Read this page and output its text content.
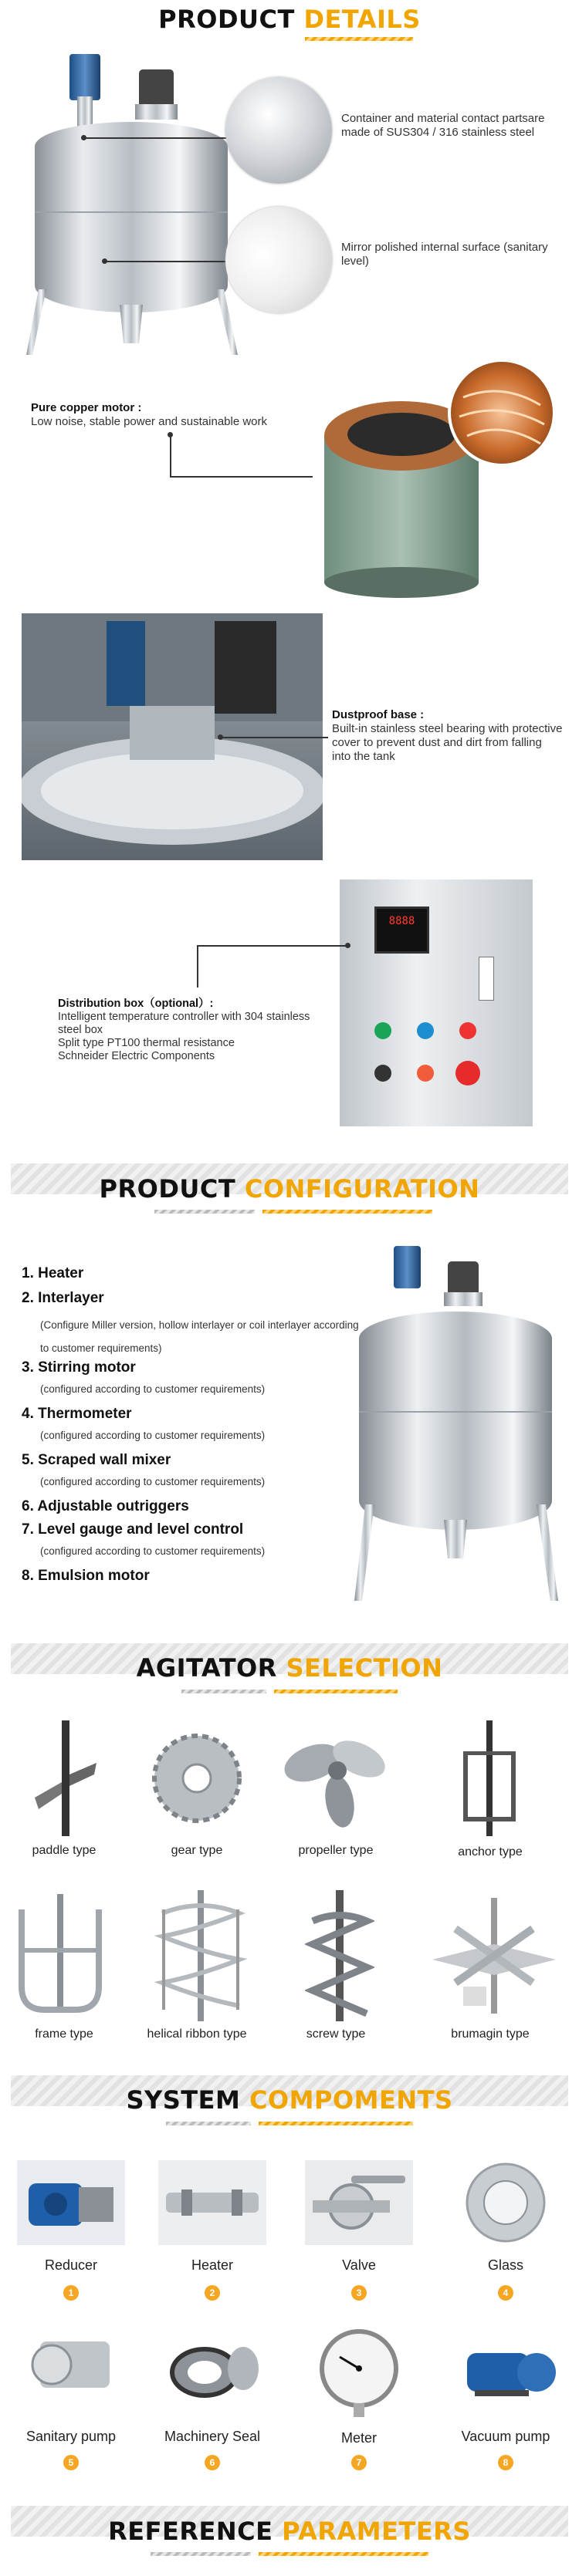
PRODUCT DETAILS
Container and material contact partsare made of SUS304 / 316 stainless steel
Mirror polished internal surface (sanitary level)
Pure copper motor :
Low noise, stable power and sustainable work
Dustproof base :
Built-in stainless steel bearing with protective cover to prevent dust and dirt from falling into the tank
8888
Distribution box（optional）:
Intelligent temperature controller with 304 stainless steel box
Split type PT100 thermal resistance
Schneider Electric Components
PRODUCT CONFIGURATION
1. Heater
2. Interlayer
(Configure Miller version, hollow interlayer or coil interlayer according to customer requirements)
3. Stirring motor
(configured according to customer requirements)
4. Thermometer
(configured according to customer requirements)
5. Scraped wall mixer
(configured according to customer requirements)
6. Adjustable outriggers
7. Level gauge and level control
(configured according to customer requirements)
8. Emulsion motor
AGITATOR SELECTION
paddle type	gear type	propeller type	anchor type
frame type	helical ribbon type	screw type	brumagin type
SYSTEM COMPOMENTS
Reducer
1
Heater
2
Valve
3
Glass
4
Sanitary pump
5
Machinery Seal
6
Meter
7
Vacuum pump
8
REFERENCE PARAMETERS
